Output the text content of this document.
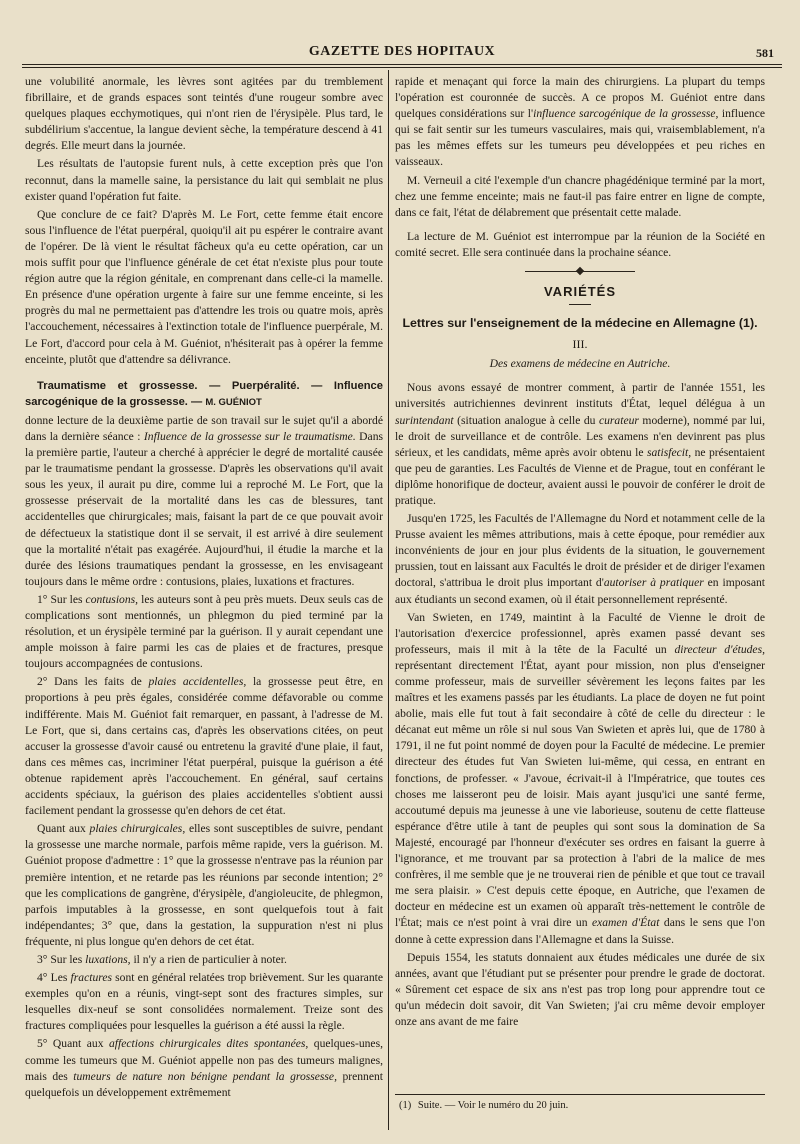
GAZETTE DES HOPITAUX	581

une volubilité anormale, les lèvres sont agitées par du tremblement fibrillaire, et de grands espaces sont teintés d'une rougeur sombre avec quelques plaques ecchymotiques, qui n'ont rien de l'érysipèle. Plus tard, le subdélirium s'accentue, la langue devient sèche, la température descend à 41 degrés. Elle meurt dans la journée.

Les résultats de l'autopsie furent nuls, à cette exception près que l'on reconnut, dans la mamelle saine, la persistance du lait qui semblait ne plus exister quand l'opération fut faite.

Que conclure de ce fait? D'après M. Le Fort, cette femme était encore sous l'influence de l'état puerpéral, quoiqu'il ait pu espérer le contraire avant de l'opérer. De là vient le résultat fâcheux qu'a eu cette opération, car un mois suffit pour que l'influence générale de cet état n'existe plus pour toute région autre que la région génitale, en comprenant dans celle-ci la mamelle. En présence d'une opération urgente à faire sur une femme enceinte, si les progrès du mal ne permettaient pas d'attendre les trois ou quatre mois, après l'accouchement, nécessaires à l'extinction totale de l'influence puerpérale, M. Le Fort, d'accord pour cela à M. Guéniot, n'hésiterait pas à opérer la femme enceinte, plutôt que d'attendre sa délivrance.

Traumatisme et grossesse. — Puerpéralité. — Influence sarcogénique de la grossesse. — M. GUÉNIOT

donne lecture de la deuxième partie de son travail sur le sujet qu'il a abordé dans la dernière séance : Influence de la grossesse sur le traumatisme. Dans la première partie, l'auteur a cherché à apprécier le degré de mortalité causée par le traumatisme pendant la grossesse. D'après les observations qu'il avait sous les yeux, il aurait pu dire, comme lui a reproché M. Le Fort, que la grossesse préservait de la mortalité dans les cas de blessures, tant accidentelles que chirurgicales; mais, faisant la part de ce que pouvait avoir de défectueux la statistique dont il se servait, il est arrivé à dire seulement que la mortalité n'était pas exagérée. Aujourd'hui, il étudie la marche et la durée des lésions traumatiques pendant la grossesse, en les envisageant toujours dans le même ordre : contusions, plaies, luxations et fractures.

1° Sur les contusions, les auteurs sont à peu près muets. Deux seuls cas de complications sont mentionnés, un phlegmon du pied terminé par la résolution, et un érysipèle terminé par la guérison. Il y aurait cependant une ample moisson à faire parmi les cas de plaies et de fractures, presque toujours accompagnées de contusions.

2° Dans les faits de plaies accidentelles, la grossesse peut être, en proportions à peu près égales, considérée comme défavorable ou comme indifférente. Mais M. Guéniot fait remarquer, en passant, à l'adresse de M. Le Fort, que si, dans certains cas, d'après les observations citées, on peut accuser la grossesse d'avoir causé ou entretenu la gravité d'une plaie, il faut, dans ces mêmes cas, incriminer l'état puerpéral, puisque la guérison a été obtenue rapidement après l'accouchement. En général, sauf certains accidents spéciaux, la guérison des plaies accidentelles s'obtient aussi facilement pendant la grossesse qu'en dehors de cet état.

Quant aux plaies chirurgicales, elles sont susceptibles de suivre, pendant la grossesse une marche normale, parfois même rapide, vers la guérison. M. Guéniot propose d'admettre : 1° que la grossesse n'entrave pas la réunion par première intention, et ne retarde pas les réunions par seconde intention; 2° que les complications de gangrène, d'érysipèle, d'angioleucite, de phlegmon, parfois imputables à la grossesse, en sont quelquefois tout à fait indépendantes; 3° que, dans la gestation, la suppuration n'est ni plus fréquente, ni plus longue qu'en dehors de cet état.

3° Sur les luxations, il n'y a rien de particulier à noter.

4° Les fractures sont en général relatées trop brièvement. Sur les quarante exemples qu'on en a réunis, vingt-sept sont des fractures simples, sur lesquelles dix-neuf se sont consolidées normalement. Treize sont des fractures compliquées pour lesquelles la guérison a été aussi la règle.

5° Quant aux affections chirurgicales dites spontanées, quelques-unes, comme les tumeurs que M. Guéniot appelle non pas des tumeurs malignes, mais des tumeurs de nature non bénigne pendant la grossesse, prennent quelquefois un développement extrêmement

rapide et menaçant qui force la main des chirurgiens. La plupart du temps l'opération est couronnée de succès. A ce propos M. Guéniot entre dans quelques considérations sur l'influence sarcogénique de la grossesse, influence qui se fait sentir sur les tumeurs vasculaires, mais qui, vraisemblablement, n'a pas les mêmes effets sur les tumeurs peu développées et peu riches en vaisseaux.

M. Verneuil a cité l'exemple d'un chancre phagédénique terminé par la mort, chez une femme enceinte; mais ne faut-il pas faire entrer en ligne de compte, dans ce fait, l'état de délabrement que présentait cette malade.

La lecture de M. Guéniot est interrompue par la réunion de la Société en comité secret. Elle sera continuée dans la prochaine séance.

VARIÉTÉS
Lettres sur l'enseignement de la médecine en Allemagne (1).
III.
Des examens de médecine en Autriche.

Nous avons essayé de montrer comment, à partir de l'année 1551, les universités autrichiennes devinrent instituts d'État, lequel délégua à un surintendant (situation analogue à celle du curateur moderne), nommé par lui, le droit de surveillance et de contrôle. Les examens n'en devinrent pas plus sérieux, et les candidats, même après avoir obtenu le satisfecit, ne présentaient que peu de garanties. Les Facultés de Vienne et de Prague, tout en conférant le diplôme honorifique de docteur, avaient aussi le pouvoir de conférer le droit de pratique.

Jusqu'en 1725, les Facultés de l'Allemagne du Nord et notamment celle de la Prusse avaient les mêmes attributions, mais à cette époque, pour remédier aux inconvénients de jour en jour plus évidents de la situation, le gouvernement prussien, tout en laissant aux Facultés le droit de présider et de diriger l'examen doctoral, s'attribua le droit plus important d'autoriser à pratiquer en imposant aux étudiants un second examen, où il était personnellement représenté.

Van Swieten, en 1749, maintint à la Faculté de Vienne le droit de l'autorisation d'exercice professionnel, après examen passé devant ses professeurs, mais il mit à la tête de la Faculté un directeur d'études, représentant directement l'État, ayant pour mission, non plus d'enseigner comme professeur, mais de surveiller sévèrement les leçons faites par les maîtres et les examens passés par les étudiants. La place de doyen ne fut point abolie, mais elle fut tout à fait secondaire à côté de celle du directeur : le décanat eut même un rôle si nul sous Van Swieten et après lui, que de 1780 à 1791, il ne fut point nommé de doyen pour la Faculté de médecine. Le premier directeur des études fut Van Swieten lui-même, qui cessa, en entrant en fonctions, de professer. « J'avoue, écrivait-il à l'Impératrice, que toutes ces choses me laisseront peu de loisir. Mais ayant jusqu'ici une santé ferme, accoutumé depuis ma jeunesse à une vie laborieuse, soutenu de cette flatteuse espérance d'être utile à tant de peuples qui sont sous la domination de Sa Majesté, encouragé par l'honneur d'exécuter ses ordres en faisant la guerre à l'ignorance, et me trouvant par sa protection à l'abri de la malice de mes confrères, il me semble que je ne trouverai rien de pénible et que tout ce travail me sera plaisir. » C'est depuis cette époque, en Autriche, que l'examen de docteur en médecine est un examen où apparaît très-nettement le contrôle de l'État; mais ce n'est point à vrai dire un examen d'État dans le sens que l'on donne à cette expression dans l'Allemagne et dans la Suisse.

Depuis 1554, les statuts donnaient aux études médicales une durée de six années, avant que l'étudiant put se présenter pour prendre le grade de doctorat. « Sûrement cet espace de six ans n'est pas trop long pour apprendre tout ce qu'un médecin doit savoir, dit Van Swieten; j'ai cru même devoir employer onze ans avant de me faire

(1) Suite. — Voir le numéro du 20 juin.
